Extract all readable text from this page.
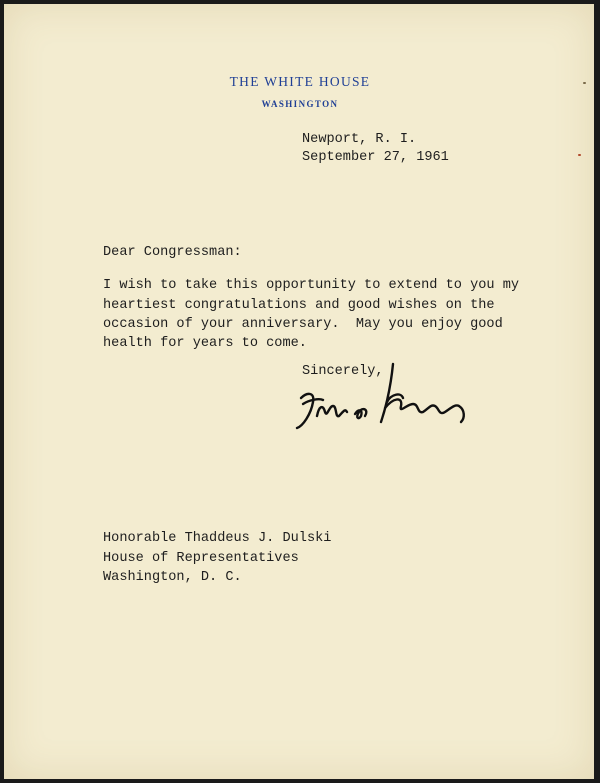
THE WHITE HOUSE
WASHINGTON
Newport, R. I.
September 27, 1961
Dear Congressman:
I wish to take this opportunity to extend to you my
heartiest congratulations and good wishes on the
occasion of your anniversary.  May you enjoy good
health for years to come.
Sincerely,
Honorable Thaddeus J. Dulski
House of Representatives
Washington, D. C.
